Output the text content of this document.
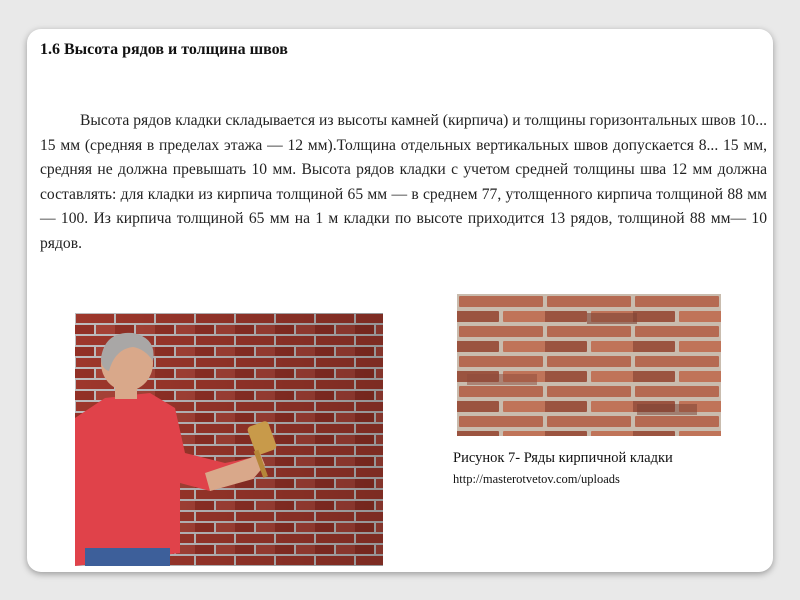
1.6 Высота рядов и толщина швов

Высота рядов кладки складывается из высоты камней (кирпича) и толщины горизонтальных швов 10... 15 мм (средняя в пределах этажа — 12 мм).Толщина отдельных вертикальных швов допускается 8... 15 мм, средняя не должна превышать 10 мм. Высота рядов кладки с учетом средней толщины шва 12 мм должна составлять: для кладки из кирпича толщиной 65 мм — в среднем 77, утолщенного кирпича толщиной 88 мм — 100. Из кирпича толщиной 65 мм на 1 м кладки по высоте приходится 13 рядов, толщиной 88 мм— 10 рядов.

Рисунок 7- Ряды кирпичной кладки
http://masterotvetov.com/uploads
